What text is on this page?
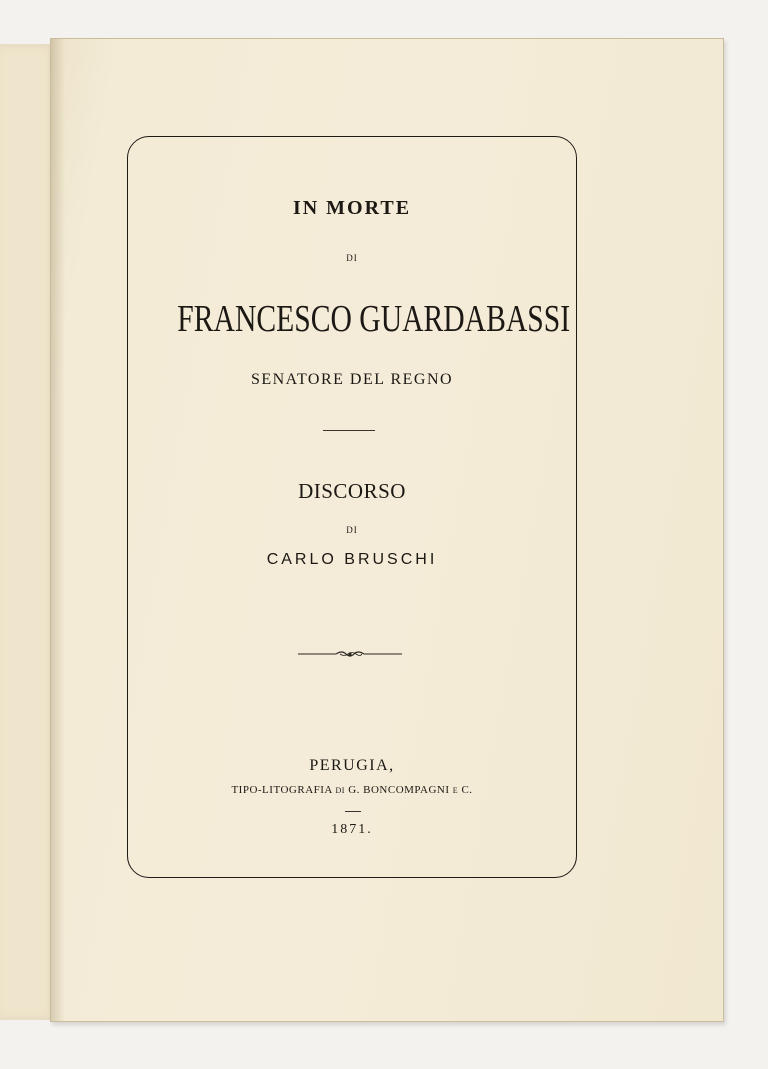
IN MORTE
DI
FRANCESCO GUARDABASSI
SENATORE DEL REGNO
DISCORSO
DI
CARLO BRUSCHI
PERUGIA,
TIPO-LITOGRAFIA DI G. BONCOMPAGNI E C.
1871.
